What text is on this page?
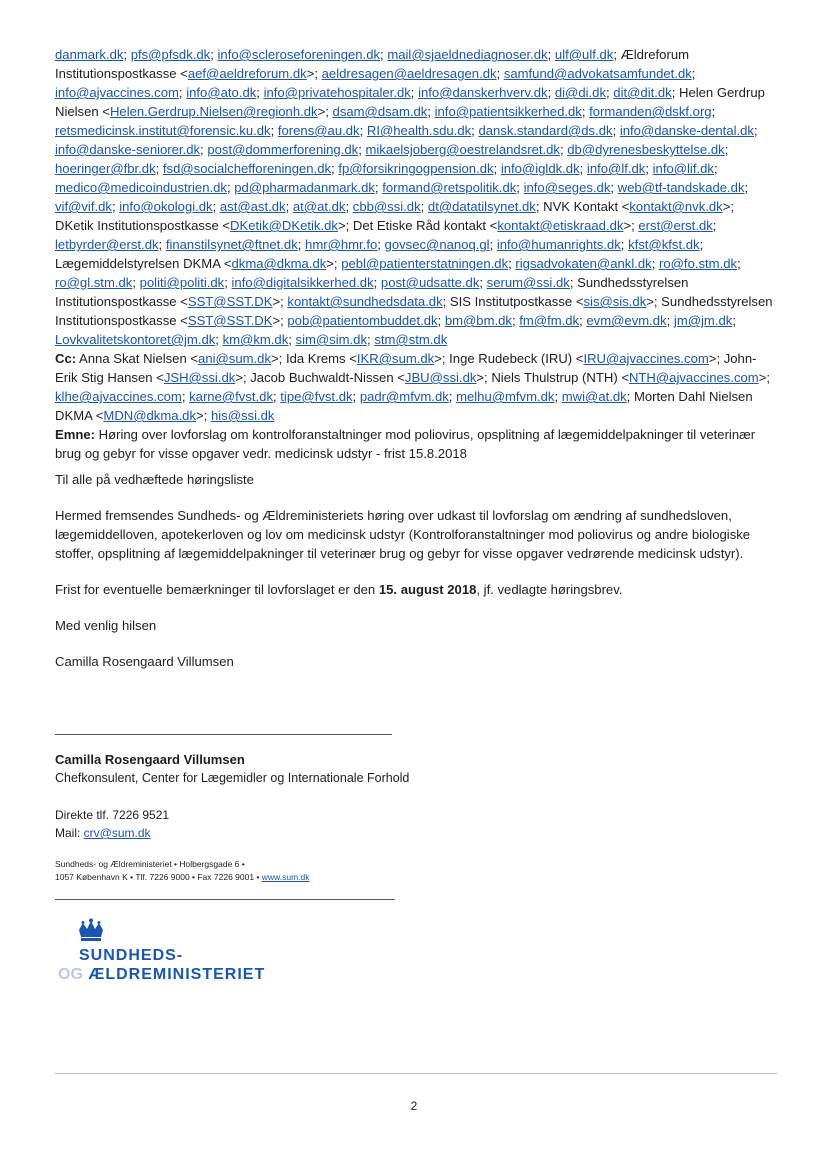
danmark.dk; pfs@pfsdk.dk; info@scleroseforeningen.dk; mail@sjaeldnediagnoser.dk; ulf@ulf.dk; Ældreforum Institutionspostkasse <aef@aeldreforum.dk>; aeldresagen@aeldresagen.dk; samfund@advokatsamfundet.dk; info@ajvaccines.com; info@ato.dk; info@privatehospitaler.dk; info@danskerhverv.dk; di@di.dk; dit@dit.dk; Helen Gerdrup Nielsen <Helen.Gerdrup.Nielsen@regionh.dk>; dsam@dsam.dk; info@patientsikkerhed.dk; formanden@dskf.org; retsmedicinsk.institut@forensic.ku.dk; forens@au.dk; RI@health.sdu.dk; dansk.standard@ds.dk; info@danske-dental.dk; info@danske-seniorer.dk; post@dommerforening.dk; mikaelsjoberg@oestrelandsret.dk; db@dyrenesbeskyttelse.dk; hoeringer@fbr.dk; fsd@socialchefforeningen.dk; fp@forsikringogpension.dk; info@igldk.dk; info@lf.dk; info@lif.dk; medico@medicoindustrien.dk; pd@pharmadanmark.dk; formand@retspolitik.dk; info@seges.dk; web@tf-tandskade.dk; vif@vif.dk; info@okologi.dk; ast@ast.dk; at@at.dk; cbb@ssi.dk; dt@datatilsynet.dk; NVK Kontakt <kontakt@nvk.dk>; DKetik Institutionspostkasse <DKetik@DKetik.dk>; Det Etiske Råd kontakt <kontakt@etiskraad.dk>; erst@erst.dk; letbyrder@erst.dk; finanstilsynet@ftnet.dk; hmr@hmr.fo; govsec@nanoq.gl; info@humanrights.dk; kfst@kfst.dk; Lægemiddelstyrelsen DKMA <dkma@dkma.dk>; pebl@patienterstatningen.dk; rigsadvokaten@ankl.dk; ro@fo.stm.dk; ro@gl.stm.dk; politi@politi.dk; info@digitalsikkerhed.dk; post@udsatte.dk; serum@ssi.dk; Sundhedsstyrelsen Institutionspostkasse <SST@SST.DK>; kontakt@sundhedsdata.dk; SIS Institutpostkasse <sis@sis.dk>; Sundhedsstyrelsen Institutionspostkasse <SST@SST.DK>; pob@patientombuddet.dk; bm@bm.dk; fm@fm.dk; evm@evm.dk; jm@jm.dk; Lovkvalitetskontoret@jm.dk; km@km.dk; sim@sim.dk; stm@stm.dk
Cc: Anna Skat Nielsen <ani@sum.dk>; Ida Krems <IKR@sum.dk>; Inge Rudebeck (IRU) <IRU@ajvaccines.com>; John-Erik Stig Hansen <JSH@ssi.dk>; Jacob Buchwaldt-Nissen <JBU@ssi.dk>; Niels Thulstrup (NTH) <NTH@ajvaccines.com>; klhe@ajvaccines.com; karne@fvst.dk; tipe@fvst.dk; padr@mfvm.dk; melhu@mfvm.dk; mwi@at.dk; Morten Dahl Nielsen DKMA <MDN@dkma.dk>; his@ssi.dk
Emne: Høring over lovforslag om kontrolforanstaltninger mod poliovirus, opsplitning af lægemiddelpakninger til veterinær brug og gebyr for visse opgaver vedr. medicinsk udstyr - frist 15.8.2018

Til alle på vedhæftede høringsliste

Hermed fremsendes Sundheds- og Ældreministeriets høring over udkast til lovforslag om ændring af sundhedsloven, lægemiddelloven, apotekerloven og lov om medicinsk udstyr (Kontrolforanstaltninger mod poliovirus og andre biologiske stoffer, opsplitning af lægemiddelpakninger til veterinær brug og gebyr for visse opgaver vedrørende medicinsk udstyr).

Frist for eventuelle bemærkninger til lovforslaget er den 15. august 2018, jf. vedlagte høringsbrev.

Med venlig hilsen

Camilla Rosengaard Villumsen

Camilla Rosengaard Villumsen
Chefkonsulent, Center for Lægemidler og Internationale Forhold
Direkte tlf. 7226 9521
Mail: crv@sum.dk
Sundheds- og Ældreministeriet • Holbergsgade 6 •
1057 København K • Tlf. 7226 9000 • Fax 7226 9001 • www.sum.dk
SUNDHEDS-
OG ÆLDREMINISTERIET
2
